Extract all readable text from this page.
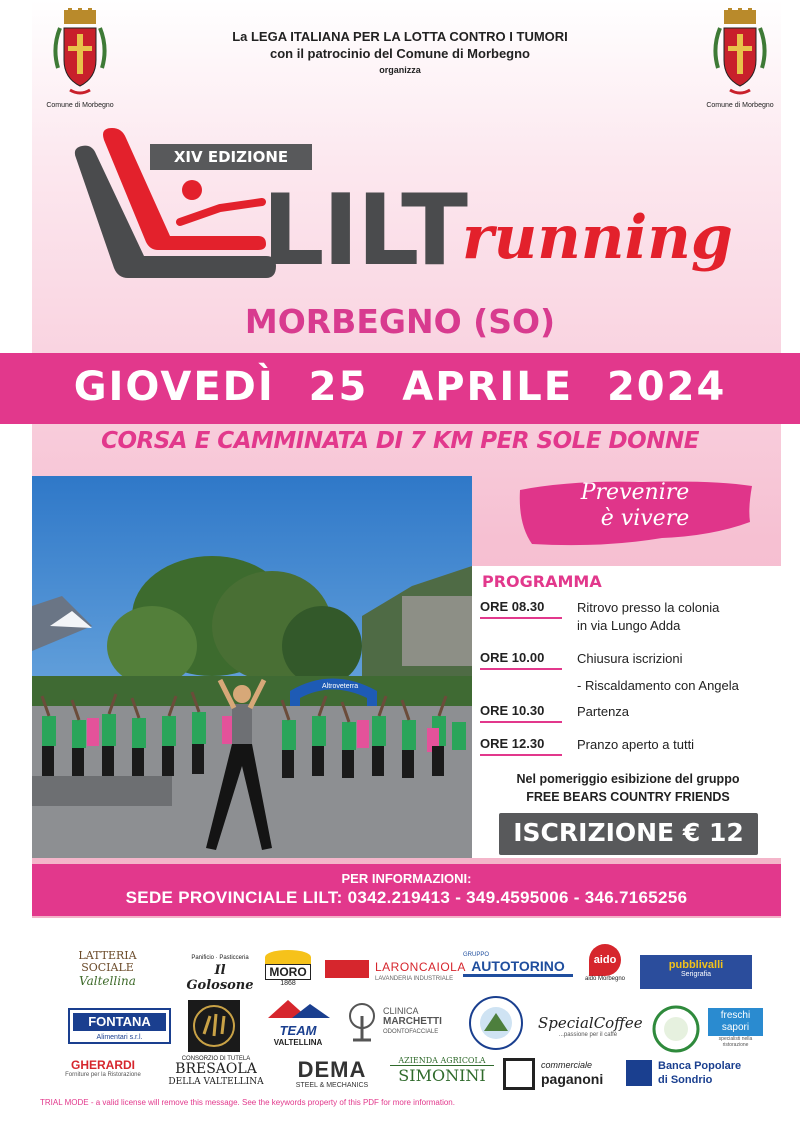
Comune di Morbegno	Comune di Morbegno
La LEGA ITALIANA PER LA LOTTA CONTRO I TUMORI
con il patrocinio del Comune di Morbegno
organizza
XIV EDIZIONE
LILT
running
MORBEGNO (SO)
GIOVEDÌ 25 APRILE 2024
CORSA E CAMMINATA DI 7 KM PER SOLE DONNE
Altroveterra
Prevenire
è vivere
PROGRAMMA
ORE 08.30	Ritrovo presso la colonia
in via Lungo Adda
ORE 10.00	Chiusura iscrizioni
- Riscaldamento con Angela
ORE 10.30	Partenza
ORE 12.30	Pranzo aperto a tutti
Nel pomeriggio esibizione del gruppo
FREE BEARS COUNTRY FRIENDS
ISCRIZIONE € 12
PER INFORMAZIONI:
SEDE PROVINCIALE LILT: 0342.219413 - 349.4595006 - 346.7165256
LATTERIA
SOCIALE
Valtellina
Panificio · Pasticceria
Il Golosone
MORO
1868
LARONCAIOLA
LAVANDERIA INDUSTRIALE
GRUPPO
AUTOTORINO	aido
aido Morbegno
pubblivalli
Serigrafia
FONTANA
Alimentari s.r.l.	TEAM
VALTELLINA
CLINICA
MARCHETTI
ODONTOFACCIALE	SpecialCoffee
...passione per il caffè
freschi
sapori
specialisti nella ristorazione
GHERARDI
Forniture per la Ristorazione
CONSORZIO DI TUTELA
BRESAOLA
DELLA VALTELLINA	DEMA
STEEL & MECHANICS
AZIENDA AGRICOLA
SIMONINI
commerciale
paganoni
Banca Popolare
di Sondrio
TRIAL MODE - a valid license will remove this message. See the keywords property of this PDF for more information.
